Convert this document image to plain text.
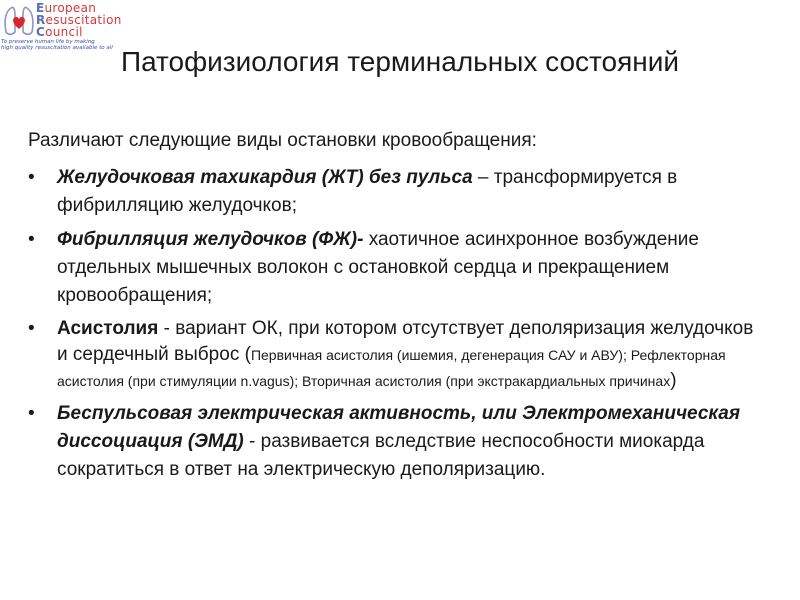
European
Resuscitation
Council
To preserve human life by making
high quality resuscitation available to all Патофизиология терминальных состояний

Различают следующие виды остановки кровообращения:

• Желудочковая тахикардия (ЖТ) без пульса – трансформируется в фибрилляцию желудочков;
• Фибрилляция желудочков (ФЖ)- хаотичное асинхронное возбуждение отдельных мышечных волокон с остановкой сердца и прекращением кровообращения;
• Асистолия - вариант ОК, при котором отсутствует деполяризация желудочков и сердечный выброс (Первичная асистолия (ишемия, дегенерация САУ и АВУ); Рефлекторная асистолия (при стимуляции n.vagus); Вторичная асистолия (при экстракардиальных причинах)
• Беспульсовая электрическая активность, или Электромеханическая диссоциация (ЭМД) - развивается вследствие неспособности миокарда сократиться в ответ на электрическую деполяризацию.
